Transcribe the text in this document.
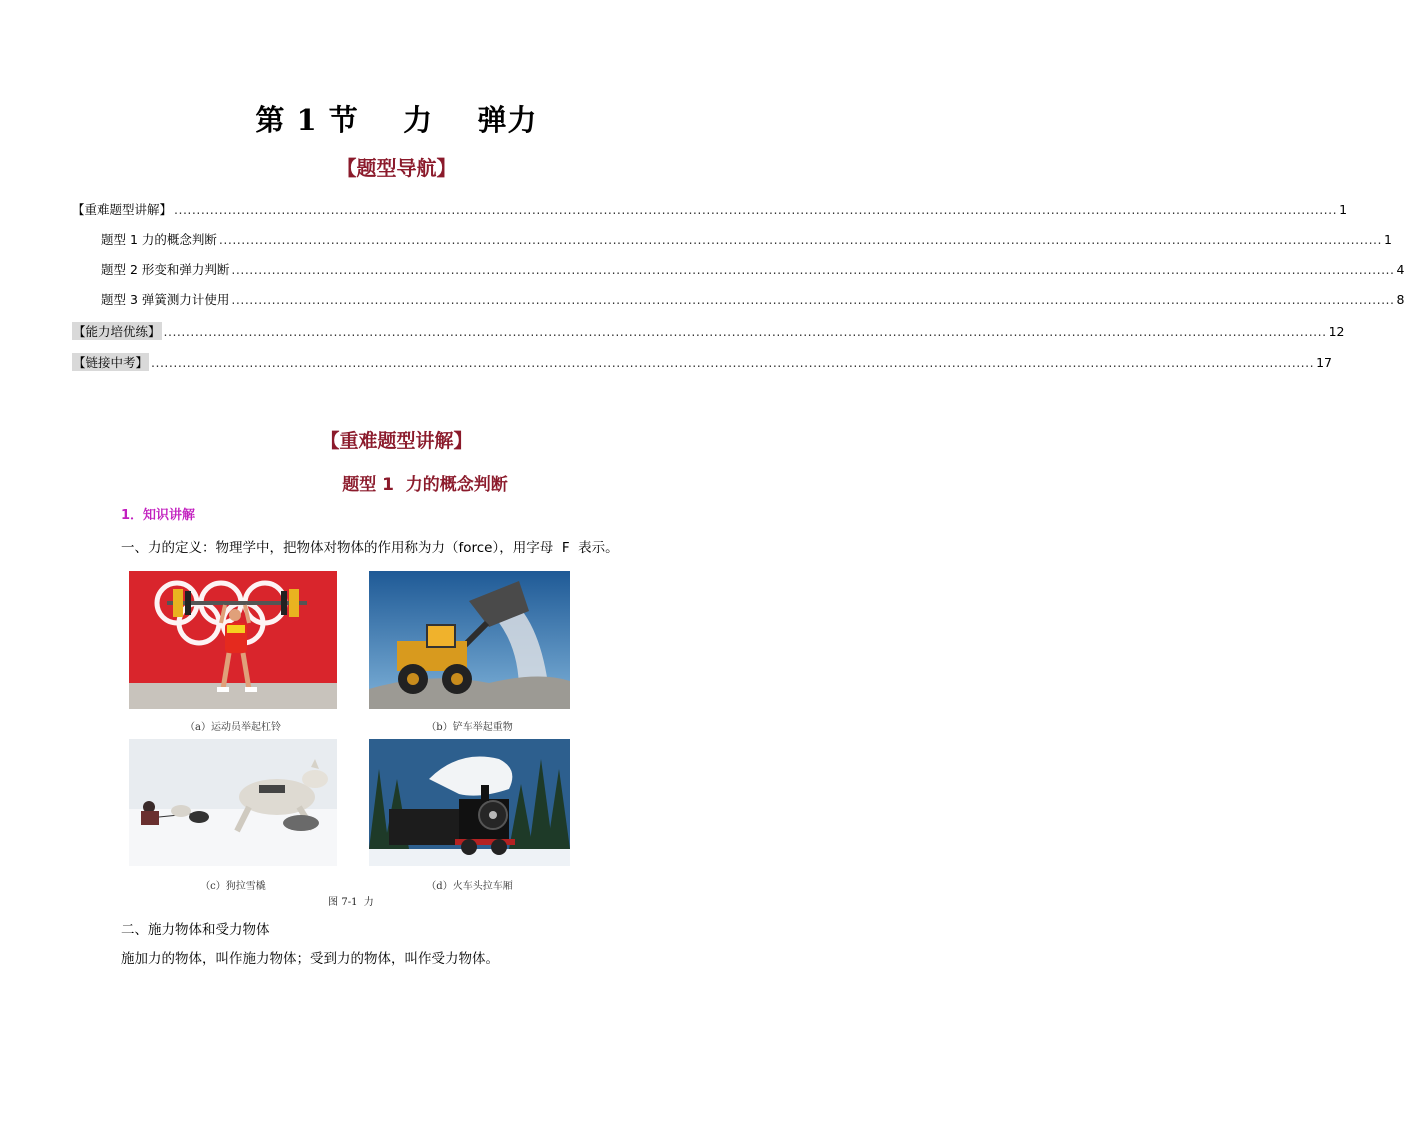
第 1 节    力    弹力
【题型导航】
【重难题型讲解】 .................................................................................................................................................................................................................................................................... 1
题型 1 力的概念判断 .................................................................................................................................................................................................................................................................... 1
题型 2 形变和弹力判断 .................................................................................................................................................................................................................................................................... 4
题型 3 弹簧测力计使用 .................................................................................................................................................................................................................................................................... 8
【能力培优练】 .................................................................................................................................................................................................................................................................... 12
【链接中考】 .................................................................................................................................................................................................................................................................... 17
【重难题型讲解】
题型 1  力的概念判断
1．知识讲解
一、力的定义：物理学中，把物体对物体的作用称为力（force），用字母  F  表示。
（a）运动员举起杠铃	（b）铲车举起重物
（c）狗拉雪橇	（d）火车头拉车厢
图 7-1  力
二、施力物体和受力物体
施加力的物体，叫作施力物体；受到力的物体，叫作受力物体。
